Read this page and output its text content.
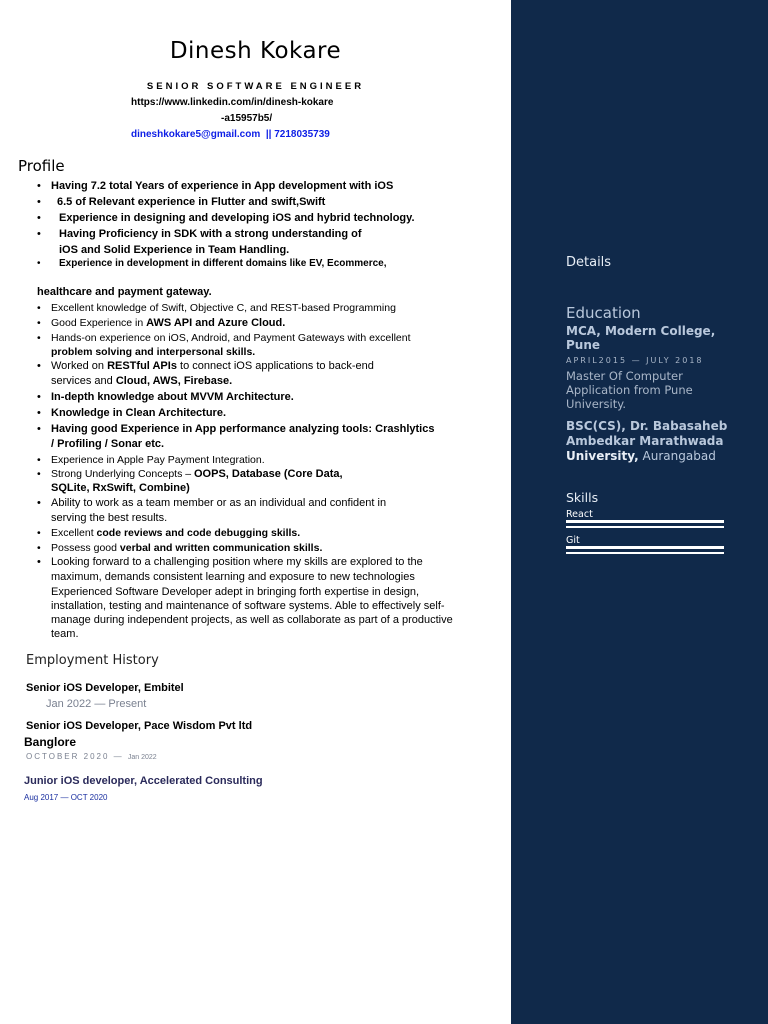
Details
Education
MCA, Modern College,
Pune
APRIL2015 — JULY 2018
Master Of Computer
Application from Pune
University.
BSC(CS), Dr. Babasaheb
Ambedkar Marathwada
University, Aurangabad
Skills
React
Git
Dinesh Kokare
SENIOR SOFTWARE ENGINEER
https://www.linkedin.com/in/dinesh-kokare
-a15957b5/
dineshkokare5@gmail.com || 7218035739
Profile
• Having 7.2 total Years of experience in App development with iOS
• 6.5 of Relevant experience in Flutter and swift,Swift
• Experience in designing and developing iOS and hybrid technology.
• Having Proficiency in SDK with a strong understanding of
iOS and Solid Experience in Team Handling.
• Experience in development in different domains like EV, Ecommerce,
healthcare and payment gateway.
• Excellent knowledge of Swift, Objective C, and REST-based Programming
• Good Experience in AWS API and Azure Cloud.
• Hands-on experience on iOS, Android, and Payment Gateways with excellent
problem solving and interpersonal skills.
• Worked on RESTful APIs to connect iOS applications to back-end
services and Cloud, AWS, Firebase.
• In-depth knowledge about MVVM Architecture.
• Knowledge in Clean Architecture.
• Having good Experience in App performance analyzing tools: Crashlytics
/ Profiling / Sonar etc.
• Experience in Apple Pay Payment Integration.
• Strong Underlying Concepts – OOPS, Database (Core Data,
SQLite, RxSwift, Combine)
• Ability to work as a team member or as an individual and confident in
serving the best results.
• Excellent code reviews and code debugging skills.
• Possess good verbal and written communication skills.
• Looking forward to a challenging position where my skills are explored to the
maximum, demands consistent learning and exposure to new technologies
Experienced Software Developer adept in bringing forth expertise in design,
installation, testing and maintenance of software systems. Able to effectively self-
manage during independent projects, as well as collaborate as part of a productive
team.
Employment History
Senior iOS Developer, Embitel
Jan 2022 — Present
Senior iOS Developer, Pace Wisdom Pvt ltd
Banglore
OCTOBER 2020 — Jan 2022
Junior iOS developer, Accelerated Consulting
Aug 2017 — OCT 2020
